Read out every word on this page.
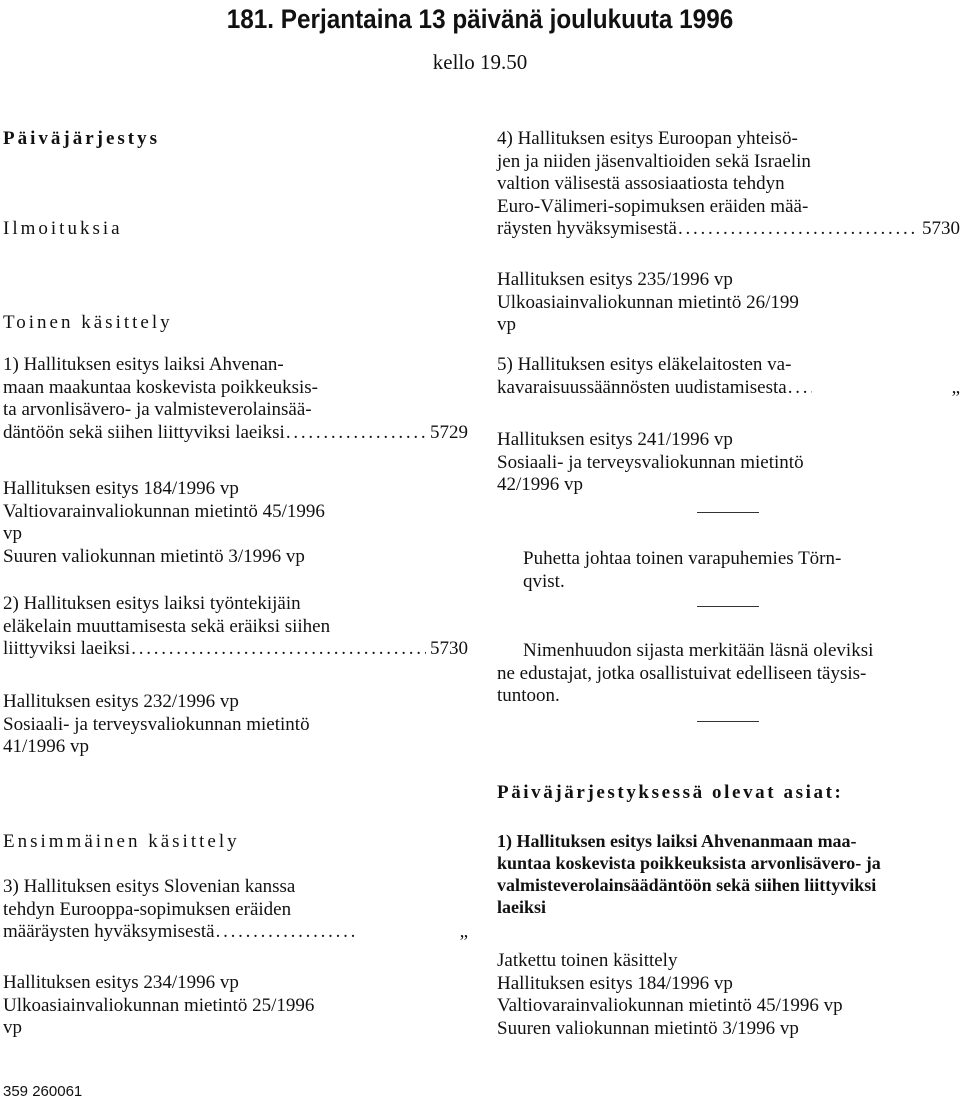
181. Perjantaina 13 päivänä joulukuuta 1996
kello 19.50
Päiväjärjestys
Ilmoituksia
Toinen käsittely
1) Hallituksen esitys laiksi Ahvenan-
maan maakuntaa koskevista poikkeuksis-
ta arvonlisävero- ja valmisteverolainsää-
däntöön sekä siihen liittyviksi laeiksi . . .	5729
Hallituksen esitys 184/1996 vp
Valtiovarainvaliokunnan mietintö 45/1996
vp
Suuren valiokunnan mietintö 3/1996 vp
2) Hallituksen esitys laiksi työntekijäin
eläkelain muuttamisesta sekä eräiksi siihen
liittyviksi laeiksi . . .	5730
Hallituksen esitys 232/1996 vp
Sosiaali- ja terveysvaliokunnan mietintö
41/1996 vp
Ensimmäinen käsittely
3) Hallituksen esitys Slovenian kanssa
tehdyn Eurooppa-sopimuksen eräiden
määräysten hyväksymisestä . . .	„
Hallituksen esitys 234/1996 vp
Ulkoasiainvaliokunnan mietintö 25/1996
vp
4) Hallituksen esitys Euroopan yhteisö-
jen ja niiden jäsenvaltioiden sekä Israelin
valtion välisestä assosiaatiosta tehdyn
Euro-Välimeri-sopimuksen eräiden mää-
räysten hyväksymisestä . . .	5730
Hallituksen esitys 235/1996 vp
Ulkoasiainvaliokunnan mietintö 26/199
vp
5) Hallituksen esitys eläkelaitosten va-
kavaraisuussäännösten uudistamisesta . . .	„
Hallituksen esitys 241/1996 vp
Sosiaali- ja terveysvaliokunnan mietintö
42/1996 vp
Puhetta johtaa toinen varapuhemies Törn-
qvist.
Nimenhuudon sijasta merkitään läsnä oleviksi
ne edustajat, jotka osallistuivat edelliseen täysis-
tuntoon.
Päiväjärjestyksessä olevat asiat:
1) Hallituksen esitys laiksi Ahvenanmaan maa-
kuntaa koskevista poikkeuksista arvonlisävero- ja
valmisteverolainsäädäntöön sekä siihen liittyviksi
laeiksi
Jatkettu toinen käsittely
Hallituksen esitys 184/1996 vp
Valtiovarainvaliokunnan mietintö 45/1996 vp
Suuren valiokunnan mietintö 3/1996 vp
359 260061
